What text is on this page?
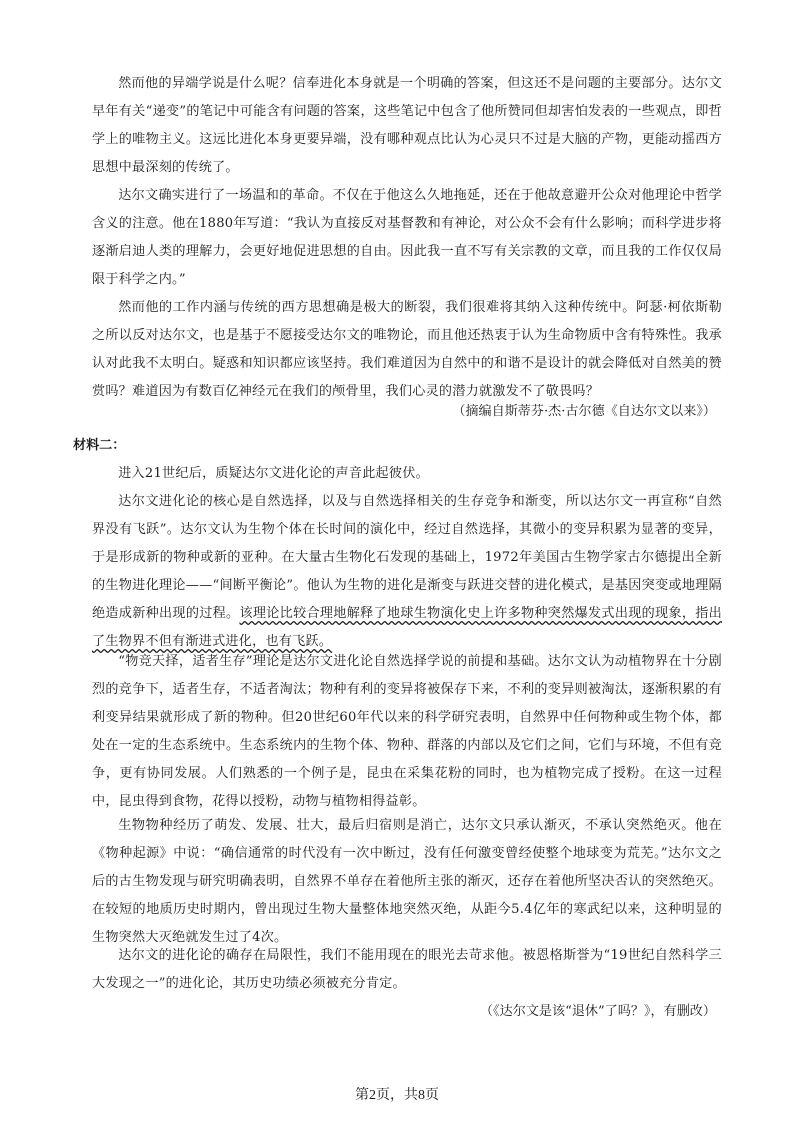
然而他的异端学说是什么呢？信奉进化本身就是一个明确的答案，但这还不是问题的主要部分。达尔文早年有关“递变”的笔记中可能含有问题的答案，这些笔记中包含了他所赞同但却害怕发表的一些观点，即哲学上的唯物主义。这远比进化本身更要异端，没有哪种观点比认为心灵只不过是大脑的产物，更能动摇西方思想中最深刻的传统了。

达尔文确实进行了一场温和的革命。不仅在于他这么久地拖延，还在于他故意避开公众对他理论中哲学含义的注意。他在1880年写道：“我认为直接反对基督教和有神论，对公众不会有什么影响；而科学进步将逐渐启迪人类的理解力，会更好地促进思想的自由。因此我一直不写有关宗教的文章，而且我的工作仅仅局限于科学之内。”

然而他的工作内涵与传统的西方思想确是极大的断裂，我们很难将其纳入这种传统中。阿瑟·柯依斯勒之所以反对达尔文，也是基于不愿接受达尔文的唯物论，而且他还热衷于认为生命物质中含有特殊性。我承认对此我不太明白。疑惑和知识都应该坚持。我们难道因为自然中的和谐不是设计的就会降低对自然美的赞赏吗？难道因为有数百亿神经元在我们的颅骨里，我们心灵的潜力就激发不了敬畏吗？

（摘编自斯蒂芬·杰·古尔德《自达尔文以来》）

材料二：

进入21世纪后，质疑达尔文进化论的声音此起彼伏。

达尔文进化论的核心是自然选择，以及与自然选择相关的生存竞争和渐变，所以达尔文一再宣称“自然界没有飞跃”。达尔文认为生物个体在长时间的演化中，经过自然选择，其微小的变异积累为显著的变异，于是形成新的物种或新的亚种。在大量古生物化石发现的基础上，1972年美国古生物学家古尔德提出全新的生物进化理论——“间断平衡论”。他认为生物的进化是渐变与跃进交替的进化模式，是基因突变或地理隔绝造成新种出现的过程。该理论比较合理地解释了地球生物演化史上许多物种突然爆发式出现的现象，指出了生物界不但有渐进式进化，也有飞跃。

“物竞天择，适者生存”理论是达尔文进化论自然选择学说的前提和基础。达尔文认为动植物界在十分剧烈的竞争下，适者生存，不适者淘汰；物种有利的变异将被保存下来，不利的变异则被淘汰，逐渐积累的有利变异结果就形成了新的物种。但20世纪60年代以来的科学研究表明，自然界中任何物种或生物个体，都处在一定的生态系统中。生态系统内的生物个体、物种、群落的内部以及它们之间，它们与环境，不但有竞争，更有协同发展。人们熟悉的一个例子是，昆虫在采集花粉的同时，也为植物完成了授粉。在这一过程中，昆虫得到食物，花得以授粉，动物与植物相得益彰。

生物物种经历了萌发、发展、壮大，最后归宿则是消亡，达尔文只承认渐灭，不承认突然绝灭。他在《物种起源》中说：“确信通常的时代没有一次中断过，没有任何激变曾经使整个地球变为荒芜。”达尔文之后的古生物发现与研究明确表明，自然界不单存在着他所主张的渐灭，还存在着他所坚决否认的突然绝灭。在较短的地质历史时期内，曾出现过生物大量整体地突然灭绝，从距今5.4亿年的寒武纪以来，这种明显的生物突然大灭绝就发生过了4次。

达尔文的进化论的确存在局限性，我们不能用现在的眼光去苛求他。被恩格斯誉为“19世纪自然科学三大发现之一”的进化论，其历史功绩必须被充分肯定。

（《达尔文是该“退休”了吗？》，有删改）

第2页，共8页
